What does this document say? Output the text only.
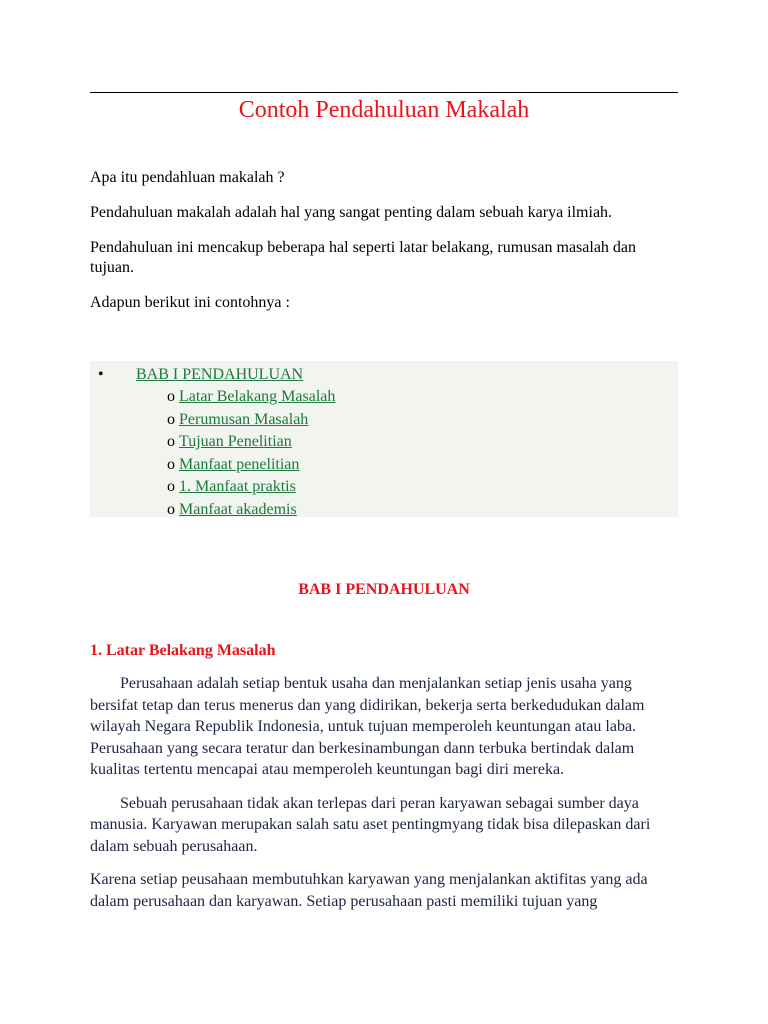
Contoh Pendahuluan Makalah

Apa itu pendahluan makalah ?

Pendahuluan makalah adalah hal yang sangat penting dalam sebuah karya ilmiah.

Pendahuluan ini mencakup beberapa hal seperti latar belakang, rumusan masalah dan tujuan.

Adapun berikut ini contohnya :

• BAB I PENDAHULUAN
o Latar Belakang Masalah
o Perumusan Masalah
o Tujuan Penelitian
o Manfaat penelitian
o 1. Manfaat praktis
o Manfaat akademis
BAB I PENDAHULUAN
1. Latar Belakang Masalah

Perusahaan adalah setiap bentuk usaha dan menjalankan setiap jenis usaha yang bersifat tetap dan terus menerus dan yang didirikan, bekerja serta berkedudukan dalam wilayah Negara Republik Indonesia, untuk tujuan memperoleh keuntungan atau laba. Perusahaan yang secara teratur dan berkesinambungan dann terbuka bertindak dalam kualitas tertentu mencapai atau memperoleh keuntungan bagi diri mereka.

Sebuah perusahaan tidak akan terlepas dari peran karyawan sebagai sumber daya manusia. Karyawan merupakan salah satu aset pentingmyang tidak bisa dilepaskan dari dalam sebuah perusahaan.

Karena setiap peusahaan membutuhkan karyawan yang menjalankan aktifitas yang ada dalam perusahaan dan karyawan. Setiap perusahaan pasti memiliki tujuan yang
